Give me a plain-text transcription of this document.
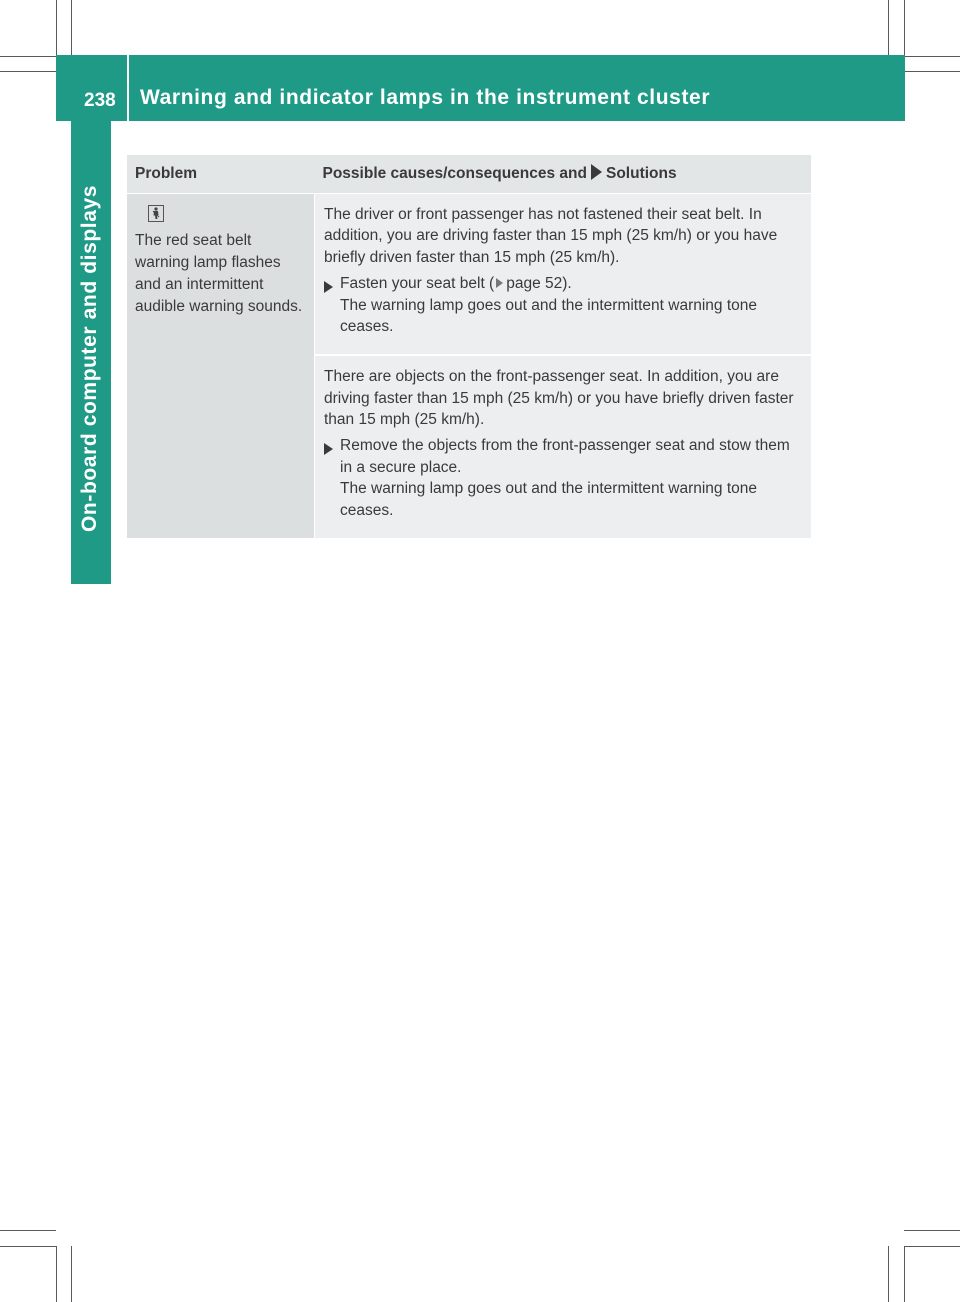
238 Warning and indicator lamps in the instrument cluster
On-board computer and displays
Problem	Possible causes/consequences and Solutions

The red seat belt warning lamp flashes and an intermittent audible warning sounds.	The driver or front passenger has not fastened their seat belt. In addition, you are driving faster than 15 mph (25 km/h) or you have briefly driven faster than 15 mph (25 km/h).
Fasten your seat belt ( page 52).
The warning lamp goes out and the intermittent warning tone ceases.

	There are objects on the front-passenger seat. In addition, you are driving faster than 15 mph (25 km/h) or you have briefly driven faster than 15 mph (25 km/h).
Remove the objects from the front-passenger seat and stow them in a secure place.
The warning lamp goes out and the intermittent warning tone ceases.
